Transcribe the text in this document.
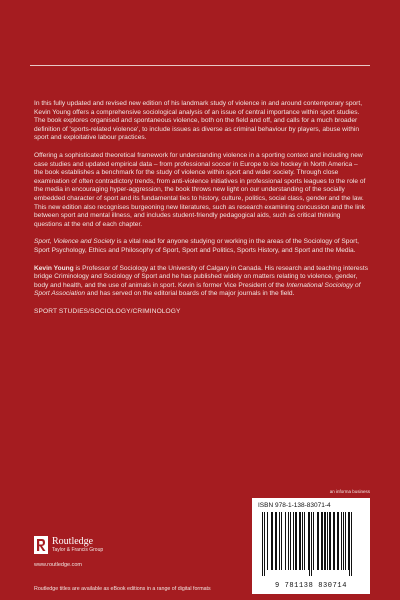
In this fully updated and revised new edition of his landmark study of violence in and around contemporary sport, Kevin Young offers a comprehensive sociological analysis of an issue of central importance within sport studies. The book explores organised and spontaneous violence, both on the field and off, and calls for a much broader definition of 'sports-related violence', to include issues as diverse as criminal behaviour by players, abuse within sport and exploitative labour practices.

Offering a sophisticated theoretical framework for understanding violence in a sporting context and including new case studies and updated empirical data – from professional soccer in Europe to ice hockey in North America – the book establishes a benchmark for the study of violence within sport and wider society. Through close examination of often contradictory trends, from anti-violence initiatives in professional sports leagues to the role of the media in encouraging hyper-aggression, the book throws new light on our understanding of the socially embedded character of sport and its fundamental ties to history, culture, politics, social class, gender and the law. This new edition also recognises burgeoning new literatures, such as research examining concussion and the link between sport and mental illness, and includes student-friendly pedagogical aids, such as critical thinking questions at the end of each chapter.

Sport, Violence and Society is a vital read for anyone studying or working in the areas of the Sociology of Sport, Sport Psychology, Ethics and Philosophy of Sport, Sport and Politics, Sports History, and Sport and the Media.

Kevin Young is Professor of Sociology at the University of Calgary in Canada. His research and teaching interests bridge Criminology and Sociology of Sport and he has published widely on matters relating to violence, gender, body and health, and the use of animals in sport. Kevin is former Vice President of the International Sociology of Sport Association and has served on the editorial boards of the major journals in the field.

SPORT STUDIES/SOCIOLOGY/CRIMINOLOGY

Routledge
Taylor & Francis Group
www.routledge.com
Routledge titles are available as eBook editions in a range of digital formats
an informa business
ISBN 978-1-138-83071-4
9 781138 830714
